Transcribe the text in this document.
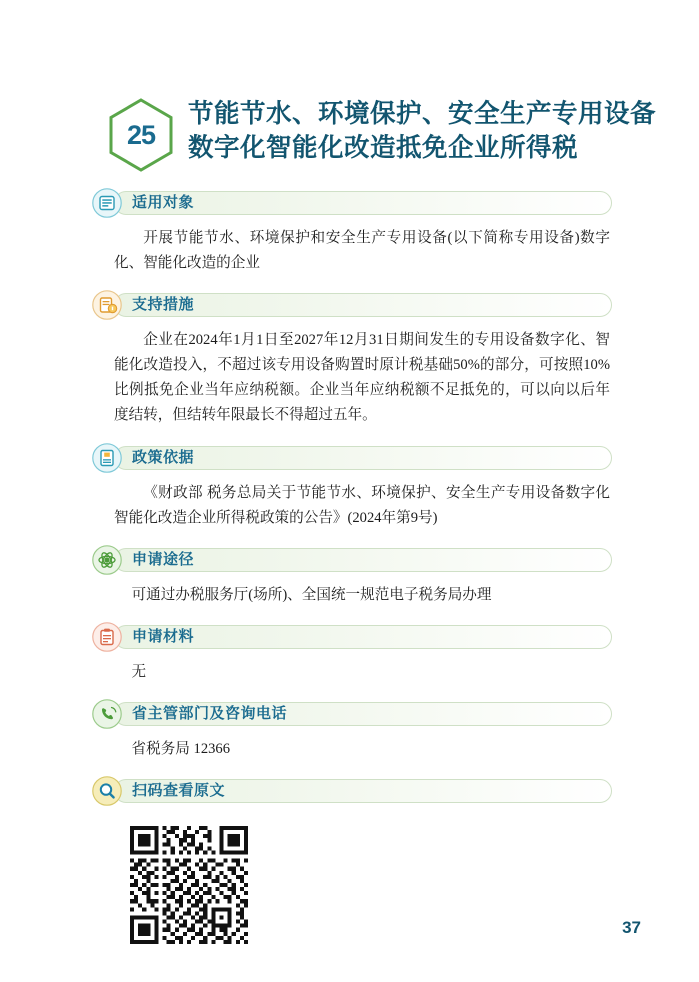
25
节能节水、环境保护、安全生产专用设备
数字化智能化改造抵免企业所得税
适用对象

开展节能节水、环境保护和安全生产专用设备(以下简称专用设备)数字化、智能化改造的企业

支持措施

企业在2024年1月1日至2027年12月31日期间发生的专用设备数字化、智能化改造投入，不超过该专用设备购置时原计税基础50%的部分，可按照10%比例抵免企业当年应纳税额。企业当年应纳税额不足抵免的，可以向以后年度结转，但结转年限最长不得超过五年。

政策依据

《财政部 税务总局关于节能节水、环境保护、安全生产专用设备数字化智能化改造企业所得税政策的公告》(2024年第9号)

申请途径

可通过办税服务厅(场所)、全国统一规范电子税务局办理

申请材料

无

省主管部门及咨询电话

省税务局 12366

扫码查看原文
37
